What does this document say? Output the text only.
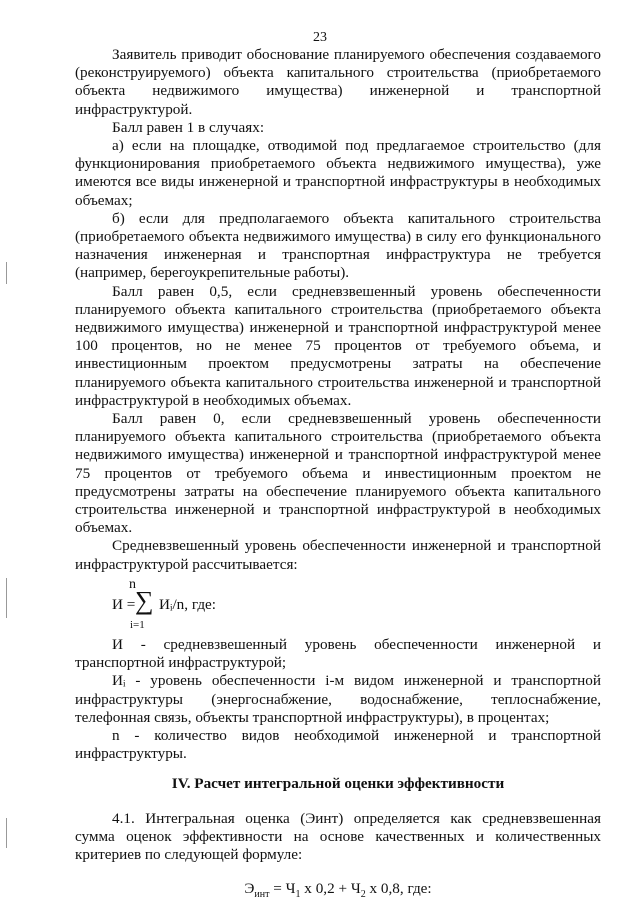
23

Заявитель приводит обоснование планируемого обеспечения создаваемого (реконструируемого) объекта капитального строительства (приобретаемого объекта недвижимого имущества) инженерной и транспортной инфраструктурой.

Балл равен 1 в случаях:

а) если на площадке, отводимой под предлагаемое строительство (для функционирования приобретаемого объекта недвижимого имущества), уже имеются все виды инженерной и транспортной инфраструктуры в необходимых объемах;

б) если для предполагаемого объекта капитального строительства (приобретаемого объекта недвижимого имущества) в силу его функционального назначения инженерная и транспортная инфраструктура не требуется (например, берегоукрепительные работы).

Балл равен 0,5, если средневзвешенный уровень обеспеченности планируемого объекта капитального строительства (приобретаемого объекта недвижимого имущества) инженерной и транспортной инфраструктурой менее 100 процентов, но не менее 75 процентов от требуемого объема, и инвестиционным проектом предусмотрены затраты на обеспечение планируемого объекта капитального строительства инженерной и транспортной инфраструктурой в необходимых объемах.

Балл равен 0, если средневзвешенный уровень обеспеченности планируемого объекта капитального строительства (приобретаемого объекта недвижимого имущества) инженерной и транспортной инфраструктурой менее 75 процентов от требуемого объема и инвестиционным проектом не предусмотрены затраты на обеспечение планируемого объекта капитального строительства инженерной и транспортной инфраструктурой в необходимых объемах.

Средневзвешенный уровень обеспеченности инженерной и транспортной инфраструктурой рассчитывается:

n
И = ∑ Иᵢ/n, где:
i=1

И - средневзвешенный уровень обеспеченности инженерной и транспортной инфраструктурой;

Иᵢ - уровень обеспеченности i-м видом инженерной и транспортной инфраструктуры (энергоснабжение, водоснабжение, теплоснабжение, телефонная связь, объекты транспортной инфраструктуры), в процентах;

n - количество видов необходимой инженерной и транспортной инфраструктуры.

IV. Расчет интегральной оценки эффективности

4.1. Интегральная оценка (Эинт) определяется как средневзвешенная сумма оценок эффективности на основе качественных и количественных критериев по следующей формуле:

$Э_{инт} = Ч_1$ х $0,2 + Ч_2$ х 0,8, где:
